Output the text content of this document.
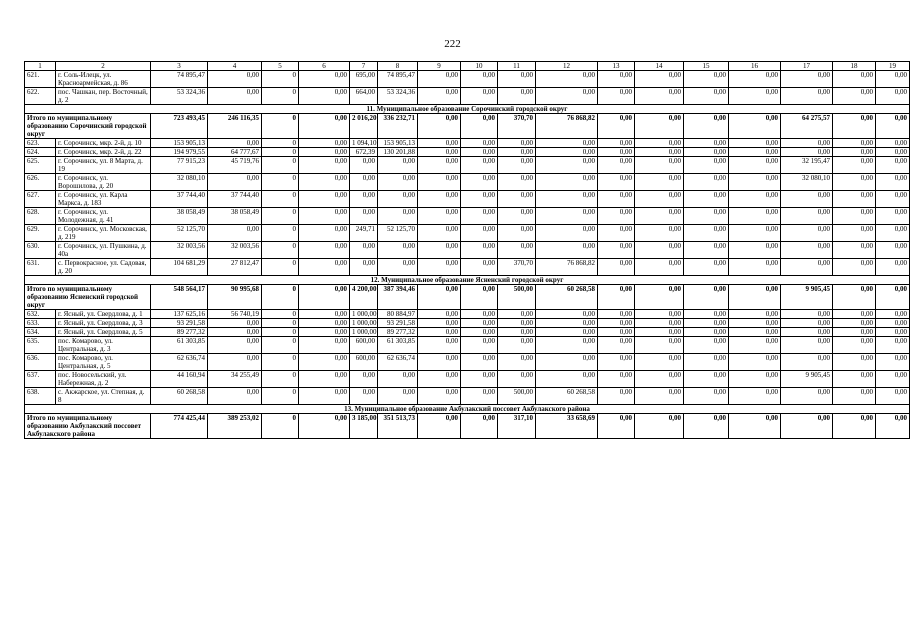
222
1	2	3	4	5	6	7	8	9	10	11	12	13	14	15	16	17	18	19
621.	г. Соль-Илецк, ул. Красноармейская, д. 86	74 895,47	0,00	0	0,00	695,00	74 895,47	0,00	0,00	0,00	0,00	0,00	0,00	0,00	0,00	0,00	0,00	0,00
622.	пос. Чашкан, пер. Восточный, д. 2	53 324,36	0,00	0	0,00	664,00	53 324,36	0,00	0,00	0,00	0,00	0,00	0,00	0,00	0,00	0,00	0,00	0,00
11. Муниципальное образование Сорочинский городской округ																		
Итого по муниципальному образованию Сорочинский городской округ		723 493,45	246 116,35	0	0,00	2 016,20	336 232,71	0,00	0,00	370,70	76 868,82	0,00	0,00	0,00	0,00	64 275,57	0,00	0,00
623.	г. Сорочинск, мкр. 2-й, д. 10	153 905,13	0,00	0	0,00	1 094,10	153 905,13	0,00	0,00	0,00	0,00	0,00	0,00	0,00	0,00	0,00	0,00	0,00
624.	г. Сорочинск, мкр. 2-й, д. 22	194 979,55	64 777,67	0	0,00	672,39	130 201,88	0,00	0,00	0,00	0,00	0,00	0,00	0,00	0,00	0,00	0,00	0,00
625.	г. Сорочинск, ул. 8 Марта, д. 19	77 915,23	45 719,76	0	0,00	0,00	0,00	0,00	0,00	0,00	0,00	0,00	0,00	0,00	0,00	32 195,47	0,00	0,00
626.	г. Сорочинск, ул. Ворошилова, д. 20	32 080,10	0,00	0	0,00	0,00	0,00	0,00	0,00	0,00	0,00	0,00	0,00	0,00	0,00	32 080,10	0,00	0,00
627.	г. Сорочинск, ул. Карла Маркса, д. 183	37 744,40	37 744,40	0	0,00	0,00	0,00	0,00	0,00	0,00	0,00	0,00	0,00	0,00	0,00	0,00	0,00	0,00
628.	г. Сорочинск, ул. Молодежная, д. 41	38 058,49	38 058,49	0	0,00	0,00	0,00	0,00	0,00	0,00	0,00	0,00	0,00	0,00	0,00	0,00	0,00	0,00
629.	г. Сорочинск, ул. Московская, д. 219	52 125,70	0,00	0	0,00	249,71	52 125,70	0,00	0,00	0,00	0,00	0,00	0,00	0,00	0,00	0,00	0,00	0,00
630.	г. Сорочинск, ул. Пушкина, д. 40а	32 003,56	32 003,56	0	0,00	0,00	0,00	0,00	0,00	0,00	0,00	0,00	0,00	0,00	0,00	0,00	0,00	0,00
631.	с. Первокрасное, ул. Садовая, д. 20	104 681,29	27 812,47	0	0,00	0,00	0,00	0,00	0,00	370,70	76 868,82	0,00	0,00	0,00	0,00	0,00	0,00	0,00
12. Муниципальное образование Ясненский городской округ																		
Итого по муниципальному образованию Ясненский городской округ		548 564,17	90 995,68	0	0,00	4 200,00	387 394,46	0,00	0,00	500,00	60 268,58	0,00	0,00	0,00	0,00	9 905,45	0,00	0,00
632.	г. Ясный, ул. Свердлова, д. 1	137 625,16	56 740,19	0	0,00	1 000,00	80 884,97	0,00	0,00	0,00	0,00	0,00	0,00	0,00	0,00	0,00	0,00	0,00
633.	г. Ясный, ул. Свердлова, д. 3	93 291,58	0,00	0	0,00	1 000,00	93 291,58	0,00	0,00	0,00	0,00	0,00	0,00	0,00	0,00	0,00	0,00	0,00
634.	г. Ясный, ул. Свердлова, д. 5	89 277,32	0,00	0	0,00	1 000,00	89 277,32	0,00	0,00	0,00	0,00	0,00	0,00	0,00	0,00	0,00	0,00	0,00
635.	пос. Комарово, ул. Центральная, д. 3	61 303,85	0,00	0	0,00	600,00	61 303,85	0,00	0,00	0,00	0,00	0,00	0,00	0,00	0,00	0,00	0,00	0,00
636.	пос. Комарово, ул. Центральная, д. 5	62 636,74	0,00	0	0,00	600,00	62 636,74	0,00	0,00	0,00	0,00	0,00	0,00	0,00	0,00	0,00	0,00	0,00
637.	пос. Новосельский, ул. Набережная, д. 2	44 160,94	34 255,49	0	0,00	0,00	0,00	0,00	0,00	0,00	0,00	0,00	0,00	0,00	0,00	9 905,45	0,00	0,00
638.	с. Акжарское, ул. Степная, д. 8	60 268,58	0,00	0	0,00	0,00	0,00	0,00	0,00	500,00	60 268,58	0,00	0,00	0,00	0,00	0,00	0,00	0,00
13. Муниципальное образование Акбулакский поссовет Акбулакского района																		
Итого по муниципальному образованию Акбулакский поссовет Акбулакского района		774 425,44	389 253,02	0	0,00	3 185,00	351 513,73	0,00	0,00	317,10	33 658,69	0,00	0,00	0,00	0,00	0,00	0,00	0,00
